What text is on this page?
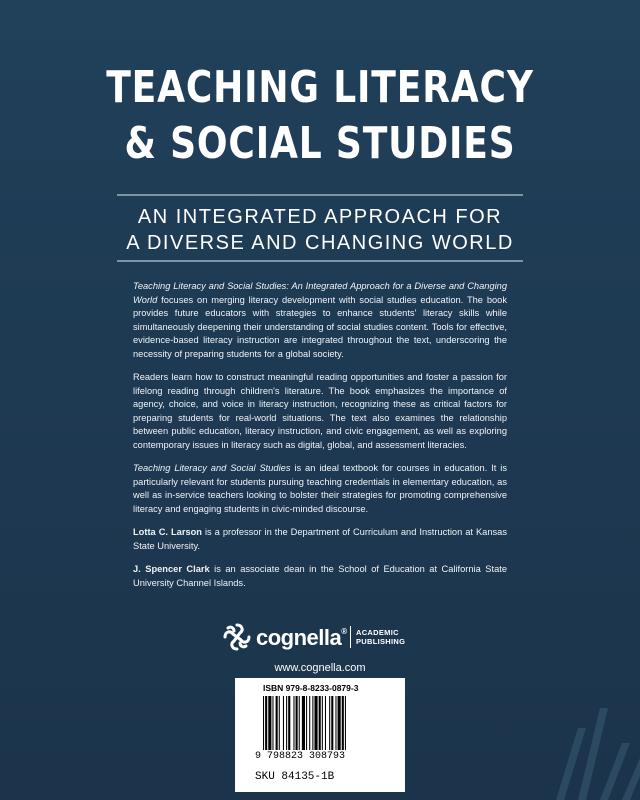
TEACHING LITERACY
& SOCIAL STUDIES
AN INTEGRATED APPROACH FOR
A DIVERSE AND CHANGING WORLD

Teaching Literacy and Social Studies: An Integrated Approach for a Diverse and Changing World focuses on merging literacy development with social studies education. The book provides future educators with strategies to enhance students' literacy skills while simultaneously deepening their understanding of social studies content. Tools for effective, evidence-based literacy instruction are integrated throughout the text, underscoring the necessity of preparing students for a global society.

Readers learn how to construct meaningful reading opportunities and foster a passion for lifelong reading through children's literature. The book emphasizes the importance of agency, choice, and voice in literacy instruction, recognizing these as critical factors for preparing students for real-world situations. The text also examines the relationship between public education, literacy instruction, and civic engagement, as well as exploring contemporary issues in literacy such as digital, global, and assessment literacies.

Teaching Literacy and Social Studies is an ideal textbook for courses in education. It is particularly relevant for students pursuing teaching credentials in elementary education, as well as in-service teachers looking to bolster their strategies for promoting comprehensive literacy and engaging students in civic-minded discourse.

Lotta C. Larson is a professor in the Department of Curriculum and Instruction at Kansas State University.

J. Spencer Clark is an associate dean in the School of Education at California State University Channel Islands.

cognella® ACADEMIC
PUBLISHING
www.cognella.com
ISBN 979-8-8233-0879-3
9 798823 308793
SKU 84135-1B
